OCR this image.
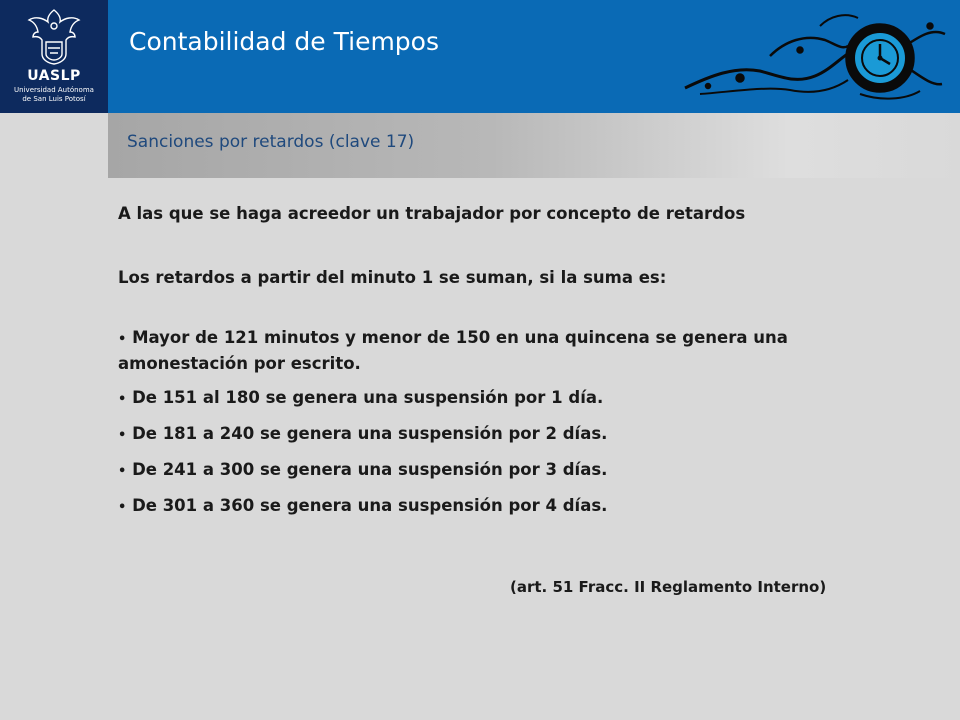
UASLP
Universidad Autónoma
de San Luis Potosí
Contabilidad de Tiempos
Sanciones por retardos (clave 17)

A las que se haga acreedor un trabajador por concepto de retardos

Los retardos a partir del minuto 1 se suman, si la suma es:

• Mayor de 121 minutos y menor de 150 en una quincena se genera una amonestación por escrito.
• De 151 al 180 se genera una suspensión por 1 día.
• De 181 a 240 se genera una suspensión por 2 días.
• De 241 a 300 se genera una suspensión por 3 días.
• De 301 a 360 se genera una suspensión por 4 días.
(art. 51 Fracc. II Reglamento Interno)
